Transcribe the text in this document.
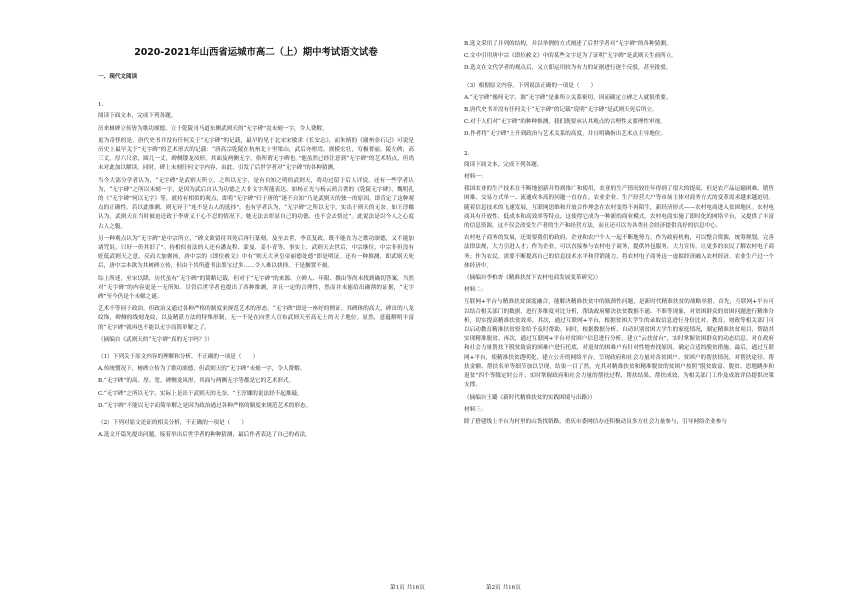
2020-2021年山西省运城市高二（上）期中考试语文试卷
一、现代文阅读

1.

阅读下面文本，完成下列各题。

历来树碑立传皆为歌功颂德，立于乾陵司马道东侧武则天的“无字碑”竟未刻一字，令人费解。

更为奇怪的是，唐代史书并没有任何关于“无字碑”的记载，最早的见于北宋宋敏求《长安志》，而朱桢的《谢州金石记》可说是历史上最早关于“无字碑”的艺术形式的记载：“唐高宗乾陵在杭州北十里梁山，武后亦祔焉，规模宏壮，穷极奢丽，陵左碑，高三丈，厚六尺余，圆几一丈，碑侧镂龙凤形，其面及两侧无字，俗所谓无字碑也。”他虽然已经注意到“无字碑”的艺术特点，但尚未对此加以解读。同时，碑上未刻任何文字内容，由此，引发了后世学者对“无字碑”的各种猜测。

当今大部分学者认为，“无字碑”是武则天所立，之所以无字，是有自知之明的武则天，将功过留于后人评说。还有一些学者认为，“无字碑”之所以未刻一字，是因为武后自认为功德之大非文字所能表达。如杨正光与杨云鸿合著的《乾陵无字碑》，魏明孔的《“无字碑”何以无字》等，就持有相似的观点，即将“无字碑”归于唐的“迷不自知”乃是武则天的独一的原因，即肯定了这种观点的正确性。若以此推测，则无异于“连不是古人的选择”。也有学者认为，“无字碑”之所以无字，实出于则天的无奈。如王淳娜认为，武则天在当时被迫还政于李唐又于心不忍的情况下，她无法去彰显自己的功德，也不会去恪过”。此说法是以今人之心度古人之腹。

另一种观点认为“无字碑”是中宗所立，“碑文欲留待其死后再行篆刻，及至去世，李氏复政，既不能直为之歌功颂德，又不能加诸咒诅，只好一仍其旧了”。持相似看法的人还有潘友程、蒙曼、姜小青等。事实上，武则天去世后，中宗继位，中宗非但没有贬低武则天之意，反而大加褒扬，唐中宗的《即位赦文》中有“则天大圣皇帝丽德处德”即是明证。还有一种推测，即武则天死后，唐中宗本欲为其树碑立传，但由于其所遗书法墨宝过多……令人难以抉择，于是搁置不刻。

综上所述，至宋以降，历代虽有“无字碑”的简略记载，但对于“无字碑”的来源、立碑人、年限、撰由等尚未找到确切答案，当然对“无字碑”的内容更是一无所知。尽管后世学者也提出了各种推测，并且一定的合理性，然而并未能给出确凿的证据，“无字碑”至今仍是个未解之谜。

艺术不等同于政治，但政治又通过各种严格的制度来规范艺术的形态。“无字碑”即是一座好的例证。其碑体的高大，碑首的八龙纹饰，碑侧的线刻龙纹，以及精湛方法的特殊形制，无一不是在向世人宣布武则天至高无上的天子地位。显然，意蕴解明丰富的“无字碑”就再也不能以无字而简单解之了。

（摘编自《武则天的“无字碑”真的无字吗？》）

（1）下列关于原文内容的理解和分析，不正确的一项是（　　）

A.传统惯况下，树碑立传为了歌功颂德，但武则天的“无字碑”未刻一字，令人费解。

B.“无字碑”的高、厚、宽，碑侧龙凤形，其面与两侧无字等都是它的艺术形式。

C.“无字碑”之所以无字，实际上是出于武则天的无奈，“王淳娜的说法经不起推敲。

D.“无字碑”不能以无字而简单解之是因为政治通过各种严格的制度来规范艺术的形态。

（2）下列对原文论证的相关分析，不正确的一项是（　　）

A.选文开篇先提出问题，接着举出后世学者的种种猜测，最后作者表达了自己的看法。

B.选文采用了并列的结构，并以举例的方式阐述了后世学者对“无字碑”的各种猜测。

C.文中引用唐中宗《即位赦文》中的某些文字是为了证明“无字碑”是武则天生前所立。

D.选文在文代学者的观点后，又立即运用较为有力的证据进行逐个反驳，甚至批驳。

（3）根据原文内容，下列说法正确的一项是（　　）

A.“无字碑”像何无字，源“无字碑”是谁所立关系密切，因而确定立碑之人就很重要。

B.唐代史书并没有任何关于“无字碑”的记载”说明“无字碑”是武则天死后所立。

C.对于人们对“无字碑”的种种推测，我们既要承认其观点的合理性又要理性审视。

D.作者将“无字碑”上升到政治与艺术关系的高度，并且明确指出艺术点主导地位。

2.

阅读下面文本，完成下列各题。

材料一：

我国农业的生产技术在不断地创新并得到推广和使用，农业的生产情况较往年得到了很大的提高，但是农产品运输困难、销售困难、交易方式单一、流通成本高的问题一直存在。农业企业、生产经营大户等市场主体对商务方式的变革需求越来越迫切。随着信息技术的飞速发展，互联网思维和开放合作理念在农村变得不再陌生，新经济形式——农村电商进入贫困地区。农村电商具有开放性、低成本和高效率等特点，这使得它成为一种新的商业模式。农村电商实施了即时化的网络平台，又提供了丰富的信息资源，这不仅会改变生产者的生产和经营方法，而且还可以为各类社会经济提供良好的信息中心。

农村电子商务的发展，还需要我们的政府、企业和农户个人一起不断地努力，作为政府机构，可以整合资源，统筹规划，完善法律法规，大力引进人才；作为企业，可以直接参与农村电子商务，提供外包服务，大力宣传，让更多的农民了解农村电子商务；作为农民，需要不断提高自己的信息技术水平和营销能力，将农村电子商务这一虚拟经济融入农村经济、农业生产过一个体经济中。

（摘编自李柏杏《精准扶贫下农村电商发展变革研究》）

材料二：

互联网+平台与精准扶贫深度融合，能解决精准扶贫中的瓶颈性问题，是新时代精准扶贫的战略举措。首先，互联网+平台可以结合相关部门的数据，进行多维度对比分析，帮助政府解决扶贫数据不通、不准等现象，对贫困群众的贫困问题进行精准分析，切实提高精准扶贫效率。其次，通过互联网+平台，根据贫困大学生的录取信息进行身份比对，教育、财政等相关部门可以启动教育精准扶贫资金给予及时帮助。同时，根据数据分析，自动识别贫困大学生的家庭情况，制定精准扶贫项目，帮助其实现精准脱贫。再次，通过互联网+平台对贫困户信息进行分析，建立“云扶贫台”，实时掌握贫困群众的动态信息。对在政府和社会力量帮扶下脱贫致富的困难户进行托底，对返贫的困难户有针对性地查找原因，确定合适的脱贫措施。最后，通过互联网+平台，使精准扶贫透明化，建立公开的网络平台，呈现政府和社会力量对各贫困户、贫困户的帮扶情况，对帮扶途径、帮扶金额、帮扶名单等细节加以呈现，结果一目了然，充其对精准扶贫和精准脱贫的贫困户按照“脱贫致富、脱贫、思地跳步和返贫”四个等级定时公开；实时掌握政府和社会力量的帮扶过程、帮扶结果、帮扶成效，为相关部门工作及成效评估提供决策支撑。

（摘编自王璐《新时代精准扶贫的实践困境与出路》）

材料三：

除了搭建线上平台为村里的山货找销路，重庆市委网信办还积极动员多方社会力量参与，引导网络企业参与

第1页 共16页	第2页 共16页
